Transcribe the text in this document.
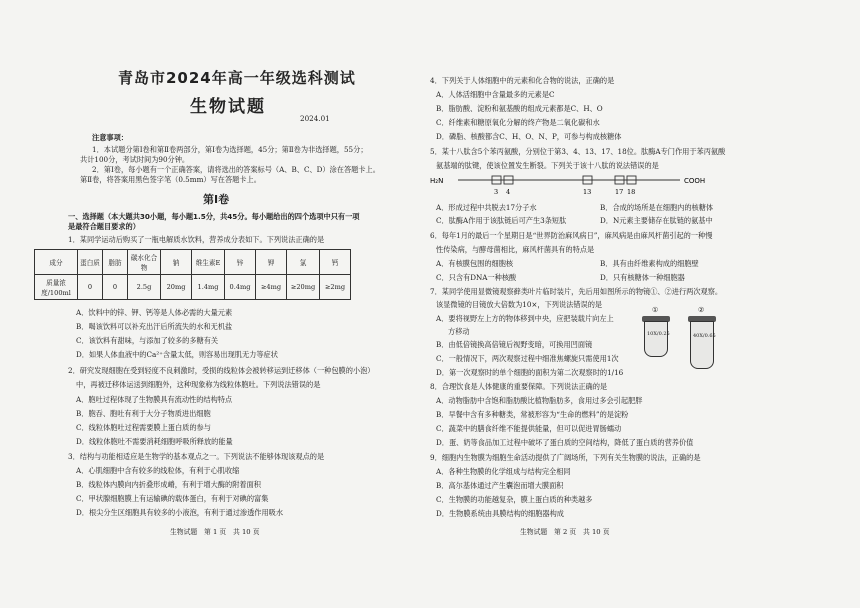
青岛市2024年高一年级选科测试
生物试题
2024.01
注意事项：
1．本试题分第Ⅰ卷和第Ⅱ卷两部分，第Ⅰ卷为选择题，45分；第Ⅱ卷为非选择题，55分；
共计100分，考试时间为90分钟。
2．第Ⅰ卷，每小题有一个正确答案，请将选出的答案标号（A、B、C、D）涂在答题卡上。
第Ⅱ卷，将答案用黑色签字笔（0.5mm）写在答题卡上。
第Ⅰ卷
一、选择题（本大题共30小题，每小题1.5分，共45分。每小题给出的四个选项中只有一项
是最符合题目要求的）
1．某同学运动后购买了一瓶电解质水饮料，营养成分表如下。下列说法正确的是
成分	蛋白质	脂肪	碳水化合物	钠	维生素E	锌	钾	氯	钙
质量浓度/100ml	0	0	2.5g	20mg	1.4mg	0.4mg	≥4mg	≥20mg	≥2mg
A．饮料中的锌、钾、钙等是人体必需的大量元素
B．喝该饮料可以补充出汗后所流失的水和无机盐
C．该饮料有甜味，与添加了较多的多糖有关
D．如果人体血液中的Ca²⁺含量太低，则容易出现肌无力等症状
2．研究发现细胞在受到轻度不良刺激时，受损的线粒体会被转移运到迁移体（一种包膜的小泡）
中，再被迁移体运送到细胞外，这种现象称为线粒体胞吐。下列说法错误的是
A．胞吐过程体现了生物膜具有流动性的结构特点
B．胞吞、胞吐有利于大分子物质进出细胞
C．线粒体胞吐过程需要膜上蛋白质的参与
D．线粒体胞吐不需要消耗细胞呼吸所释放的能量
3．结构与功能相适应是生物学的基本观点之一。下列说法不能够体现该观点的是
A．心肌细胞中含有较多的线粒体，有利于心肌收缩
B．线粒体内膜向内折叠形成嵴，有利于增大酶的附着面积
C．甲状腺细胞膜上有运输碘的载体蛋白，有利于对碘的富集
D．根尖分生区细胞具有较多的小液泡，有利于通过渗透作用吸水
生物试题　第 1 页　共 10 页
4．下列关于人体细胞中的元素和化合物的说法，正确的是
A．人体活细胞中含量最多的元素是C
B．脂肪酸、淀粉和氨基酸的组成元素都是C、H、O
C．纤维素和糖原氧化分解的终产物是二氧化碳和水
D．磷脂、核酸都含C、H、O、N、P，可参与构成核糖体
5．某十八肽含5个苯丙氨酸，分别位于第3、4、13、17、18位。肽酶A专门作用于苯丙氨酸
氨基端的肽键，使该位置发生断裂。下列关于该十八肽的说法错误的是
H₂N	COOH
3 4	13	17 18
A．形成过程中共脱去17分子水	B．合成的场所是在细胞内的核糖体
C．肽酶A作用于该肽链后可产生3条短肽	D．N元素主要储存在肽链的氨基中
6．每年1月的最后一个星期日是“世界防治麻风病日”，麻风病是由麻风杆菌引起的一种慢
性传染病，与酵母菌相比，麻风杆菌具有的特点是
A．有核膜包围的细胞核	B．具有由纤维素构成的细胞壁
C．只含有DNA一种核酸	D．只有核糖体一种细胞器
7．某同学使用显微镜观察藓类叶片临时装片，先后用如图所示的物镜①、②进行两次观察。
该显微镜的目镜放大倍数为10×，下列说法错误的是
A．要将视野左上方的物体移到中央，应把装载片向左上
方移动
B．由低倍镜换高倍镜后视野变暗，可换用凹面镜
C．一般情况下，两次观察过程中细准焦螺旋只需使用1次
D．第一次观察时的单个细胞的面积为第二次观察时的1/16
①	②
10X/0.25	40X/0.65
8．合理饮食是人体健康的重要保障。下列说法正确的是
A．动物脂肪中含饱和脂肪酸比植物脂肪多，食用过多会引起肥胖
B．早餐中含有多种糖类，常被形容为“生命的燃料”的是淀粉
C．蔬菜中的膳食纤维不能提供能量，但可以促进胃肠蠕动
D．蛋、奶等食品加工过程中破坏了蛋白质的空间结构，降低了蛋白质的营养价值
9．细胞内生物膜为细胞生命活动提供了广阔场所，下列有关生物膜的说法，正确的是
A．各种生物膜的化学组成与结构完全相同
B．高尔基体通过产生囊泡而增大膜面积
C．生物膜的功能越复杂，膜上蛋白质的种类越多
D．生物膜系统由具膜结构的细胞器构成
生物试题　第 2 页　共 10 页
